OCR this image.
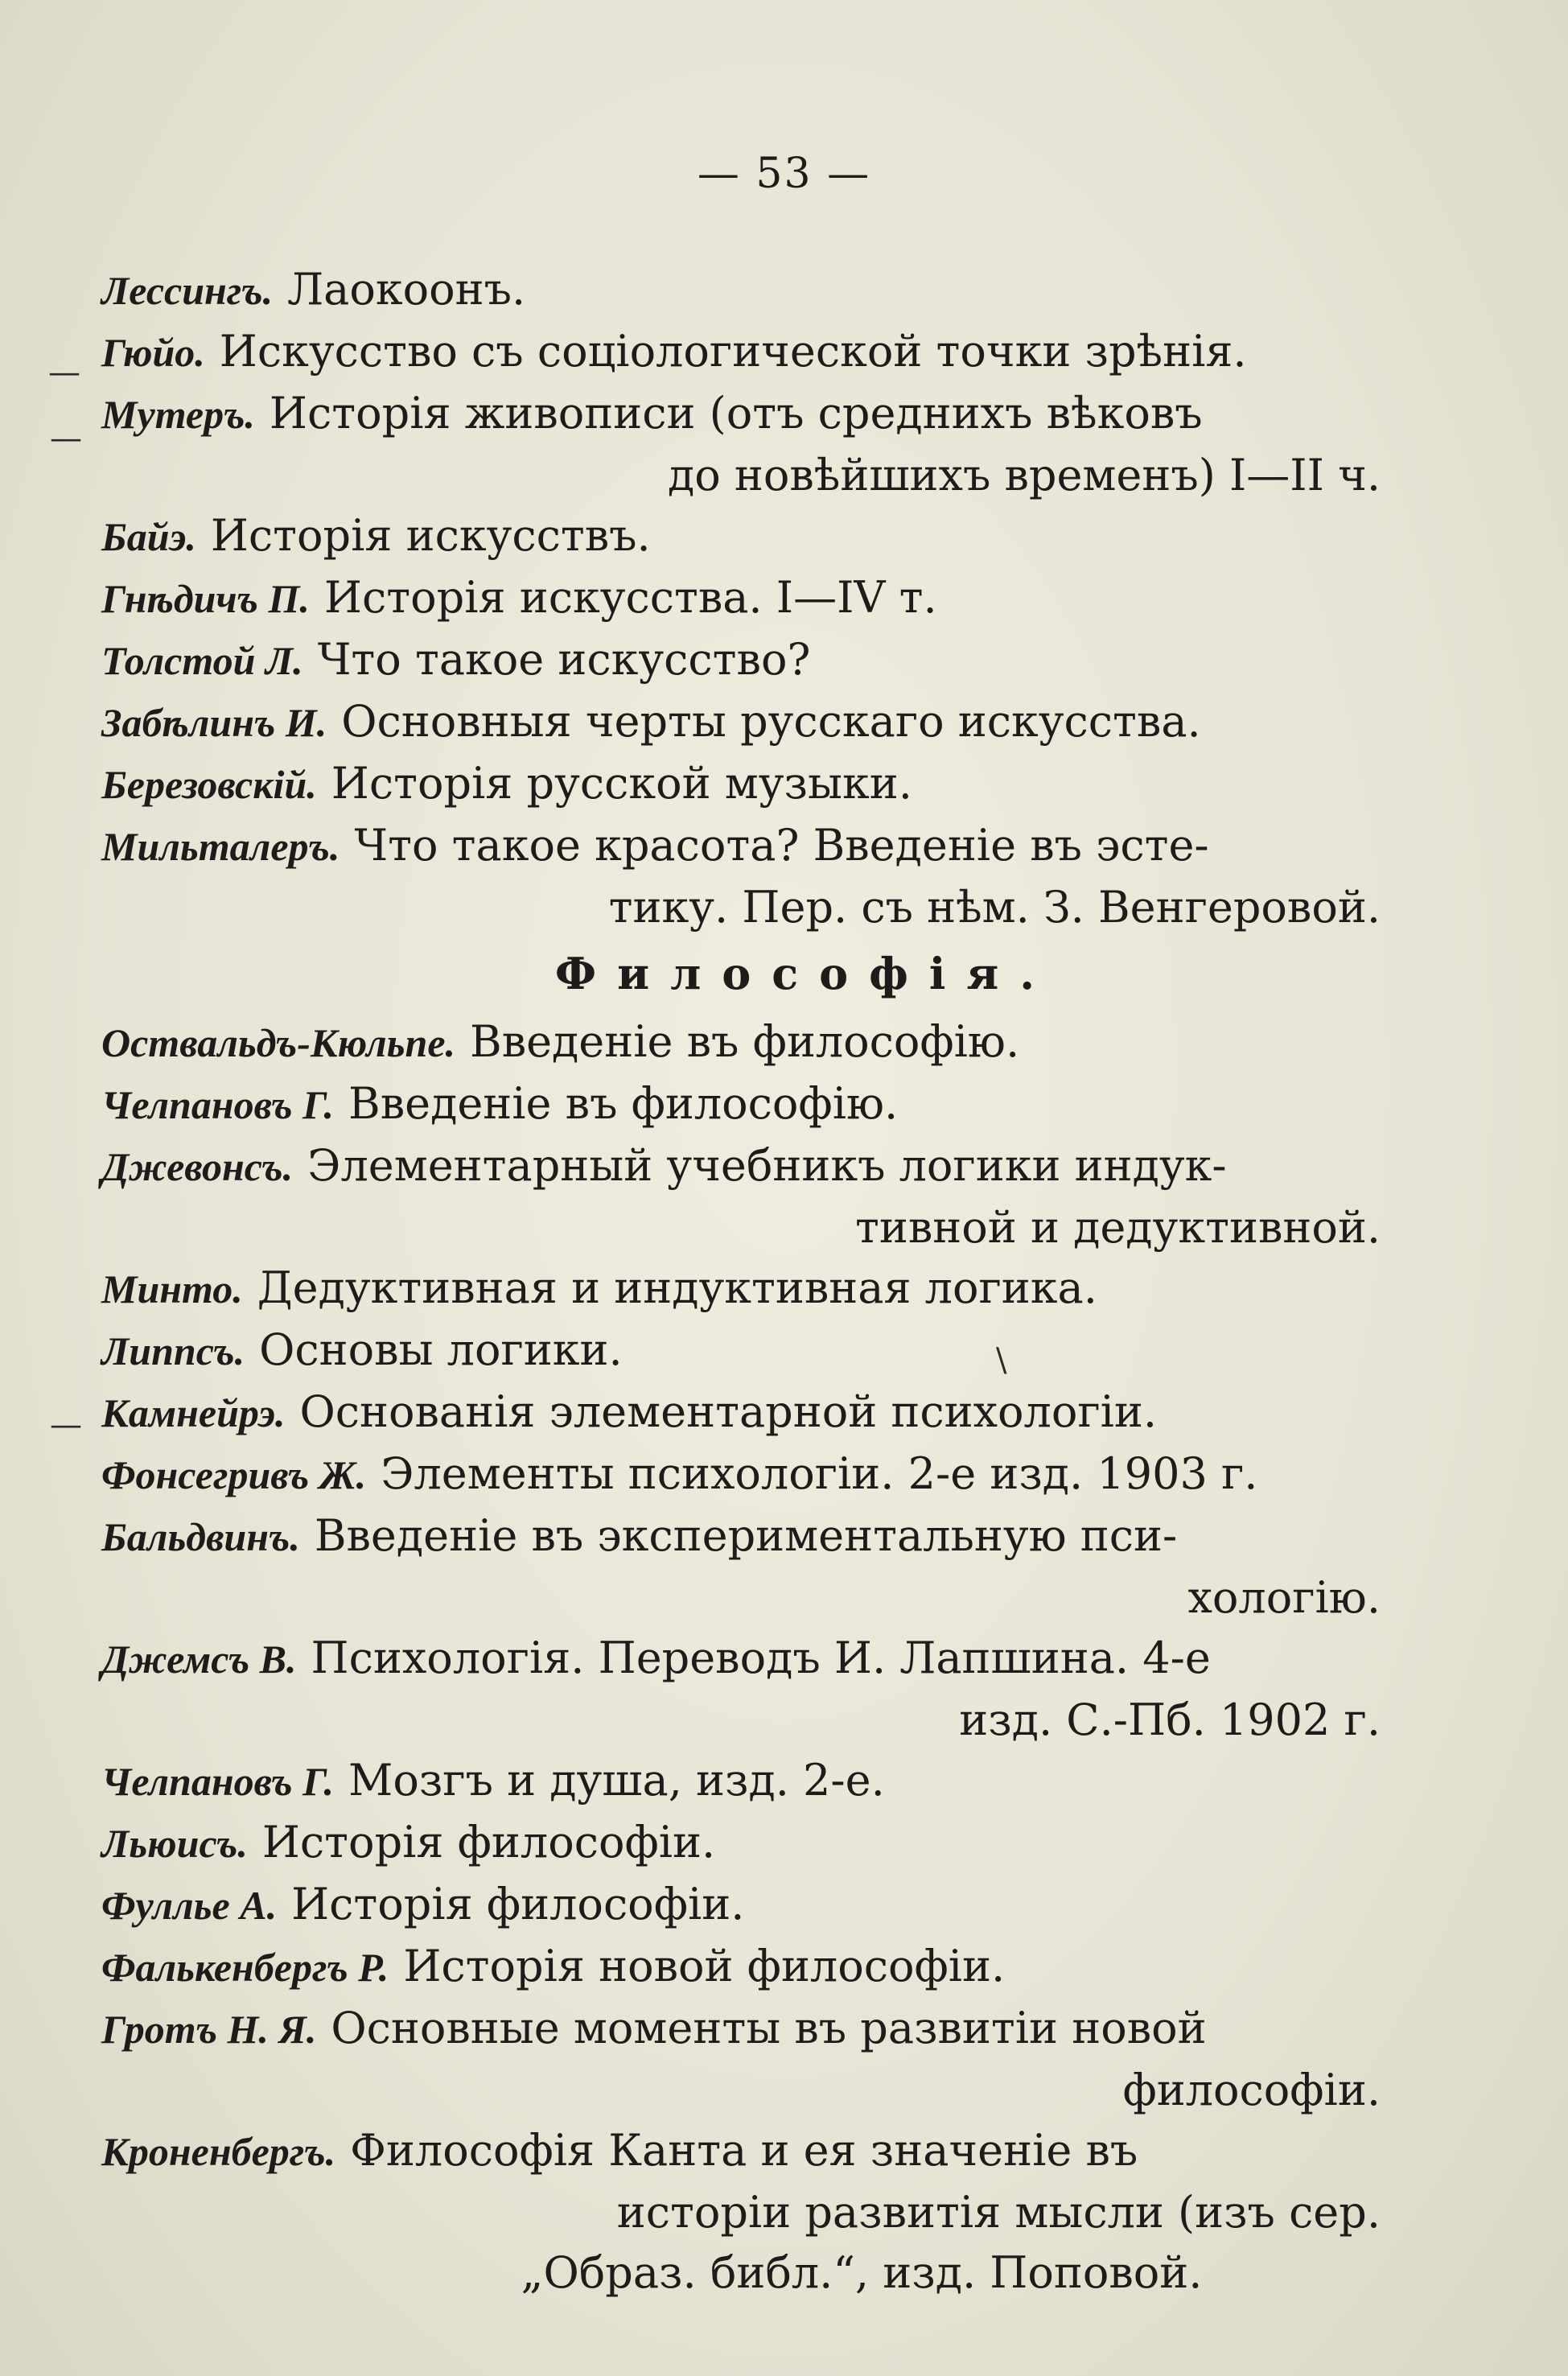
— 53 —
—
—
—
\

Лессингъ. Лаокоонъ.

Гюйо. Искусство съ соціологической точки зрѣнія.

Мутеръ. Исторія живописи (отъ среднихъ вѣковъ
до новѣйшихъ временъ) I—II ч.

Байэ. Исторія искусствъ.

Гнѣдичъ П. Исторія искусства. I—IV т.

Толстой Л. Что такое искусство?

Забѣлинъ И. Основныя черты русскаго искусства.

Березовскій. Исторія русской музыки.

Мильталеръ. Что такое красота? Введеніе въ эсте-
тику. Пер. съ нѣм. З. Венгеровой.

Философія.

Оствальдъ-Кюльпе. Введеніе въ философію.

Челпановъ Г. Введеніе въ философію.

Джевонсъ. Элементарный учебникъ логики индук-
тивной и дедуктивной.

Минто. Дедуктивная и индуктивная логика.

Липпсъ. Основы логики.

Камнейрэ. Основанія элементарной психологіи.

Фонсегривъ Ж. Элементы психологіи. 2-е изд. 1903 г.

Бальдвинъ. Введеніе въ экспериментальную пси-
хологію.

Джемсъ В. Психологія. Переводъ И. Лапшина. 4-е
изд. С.-Пб. 1902 г.

Челпановъ Г. Мозгъ и душа, изд. 2-е.

Льюисъ. Исторія философіи.

Фуллье А. Исторія философіи.

Фалькенбергъ Р. Исторія новой философіи.

Гротъ Н. Я. Основные моменты въ развитіи новой
философіи.

Кроненбергъ. Философія Канта и ея значеніе въ
исторіи развитія мысли (изъ сер.
„Образ. библ.“, изд. Поповой.
